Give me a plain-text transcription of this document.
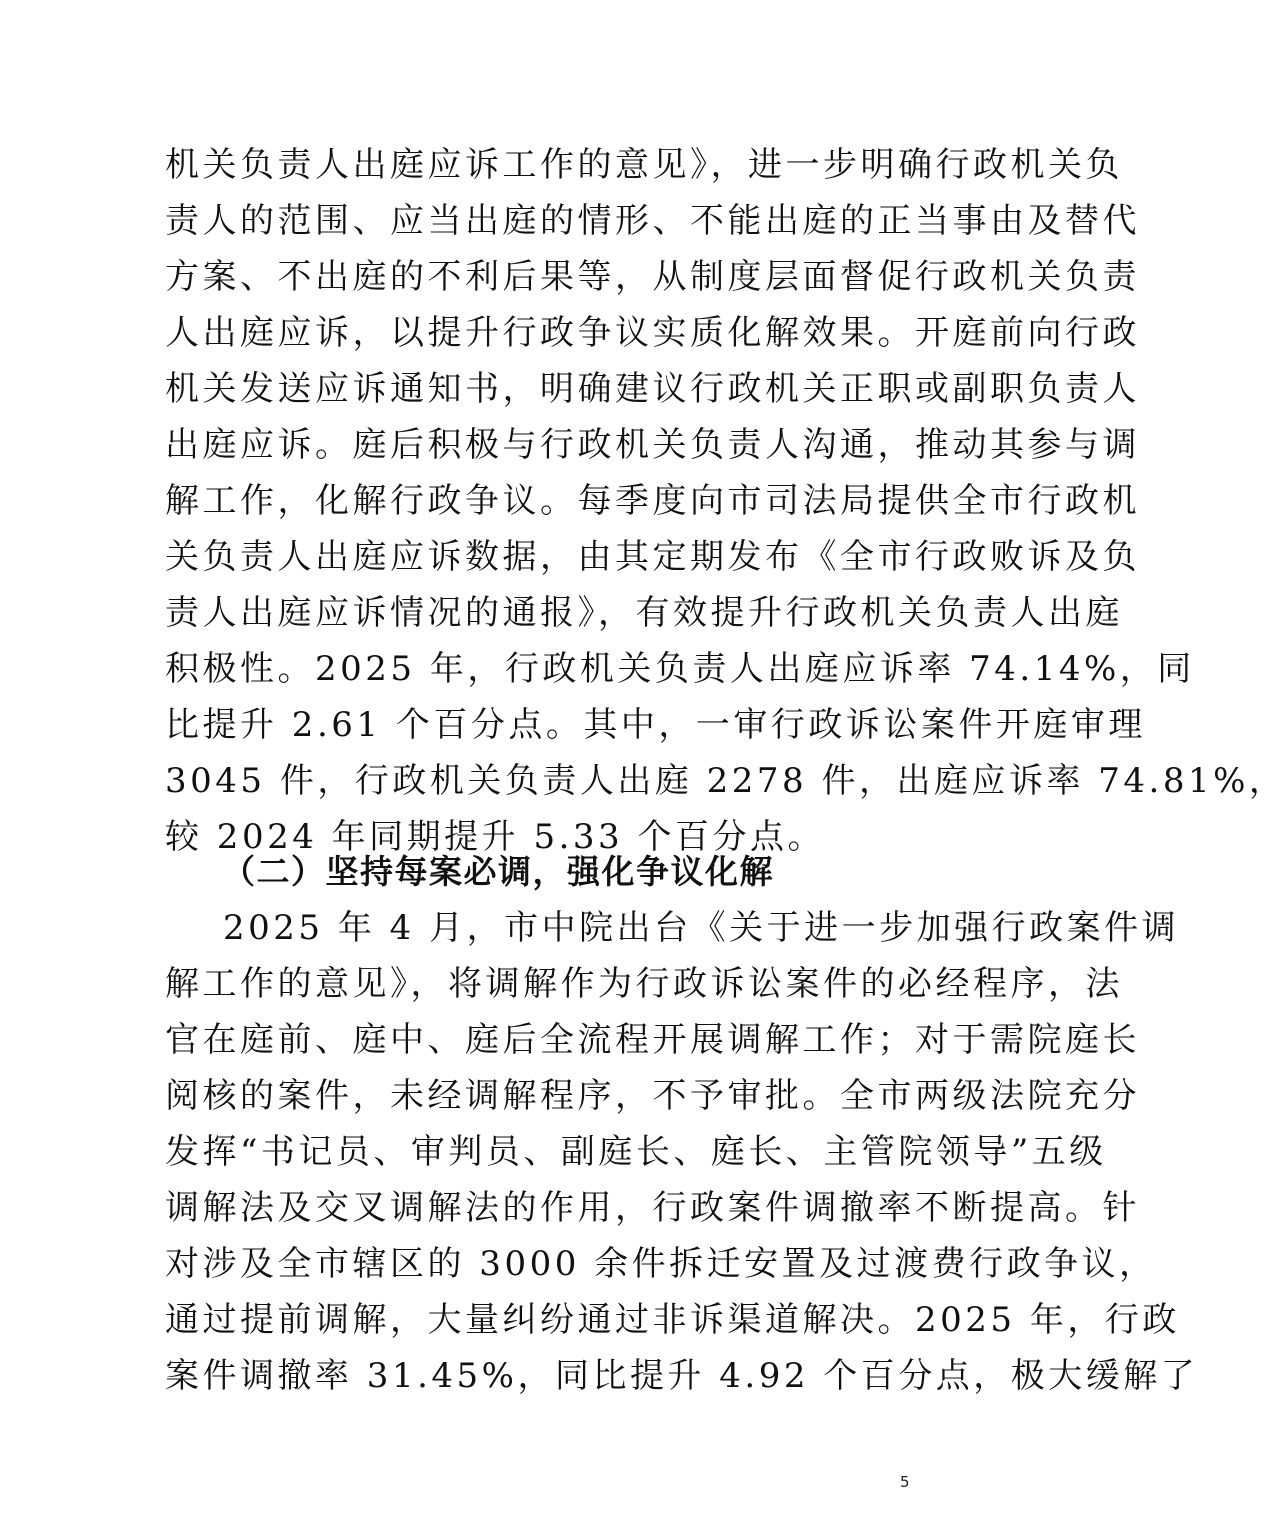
机关负责人出庭应诉工作的意见》，进一步明确行政机关负
责人的范围、应当出庭的情形、不能出庭的正当事由及替代
方案、不出庭的不利后果等，从制度层面督促行政机关负责
人出庭应诉，以提升行政争议实质化解效果。开庭前向行政
机关发送应诉通知书，明确建议行政机关正职或副职负责人
出庭应诉。庭后积极与行政机关负责人沟通，推动其参与调
解工作，化解行政争议。每季度向市司法局提供全市行政机
关负责人出庭应诉数据，由其定期发布《全市行政败诉及负
责人出庭应诉情况的通报》，有效提升行政机关负责人出庭
积极性。2025 年，行政机关负责人出庭应诉率 74.14%，同
比提升 2.61 个百分点。其中，一审行政诉讼案件开庭审理
3045 件，行政机关负责人出庭 2278 件，出庭应诉率 74.81%，
较 2024 年同期提升 5.33 个百分点。
（二）坚持每案必调，强化争议化解
2025 年 4 月，市中院出台《关于进一步加强行政案件调
解工作的意见》，将调解作为行政诉讼案件的必经程序，法
官在庭前、庭中、庭后全流程开展调解工作；对于需院庭长
阅核的案件，未经调解程序，不予审批。全市两级法院充分
发挥“书记员、审判员、副庭长、庭长、主管院领导”五级
调解法及交叉调解法的作用，行政案件调撤率不断提高。针
对涉及全市辖区的 3000 余件拆迁安置及过渡费行政争议，
通过提前调解，大量纠纷通过非诉渠道解决。2025 年，行政
案件调撤率 31.45%，同比提升 4.92 个百分点，极大缓解了
5
